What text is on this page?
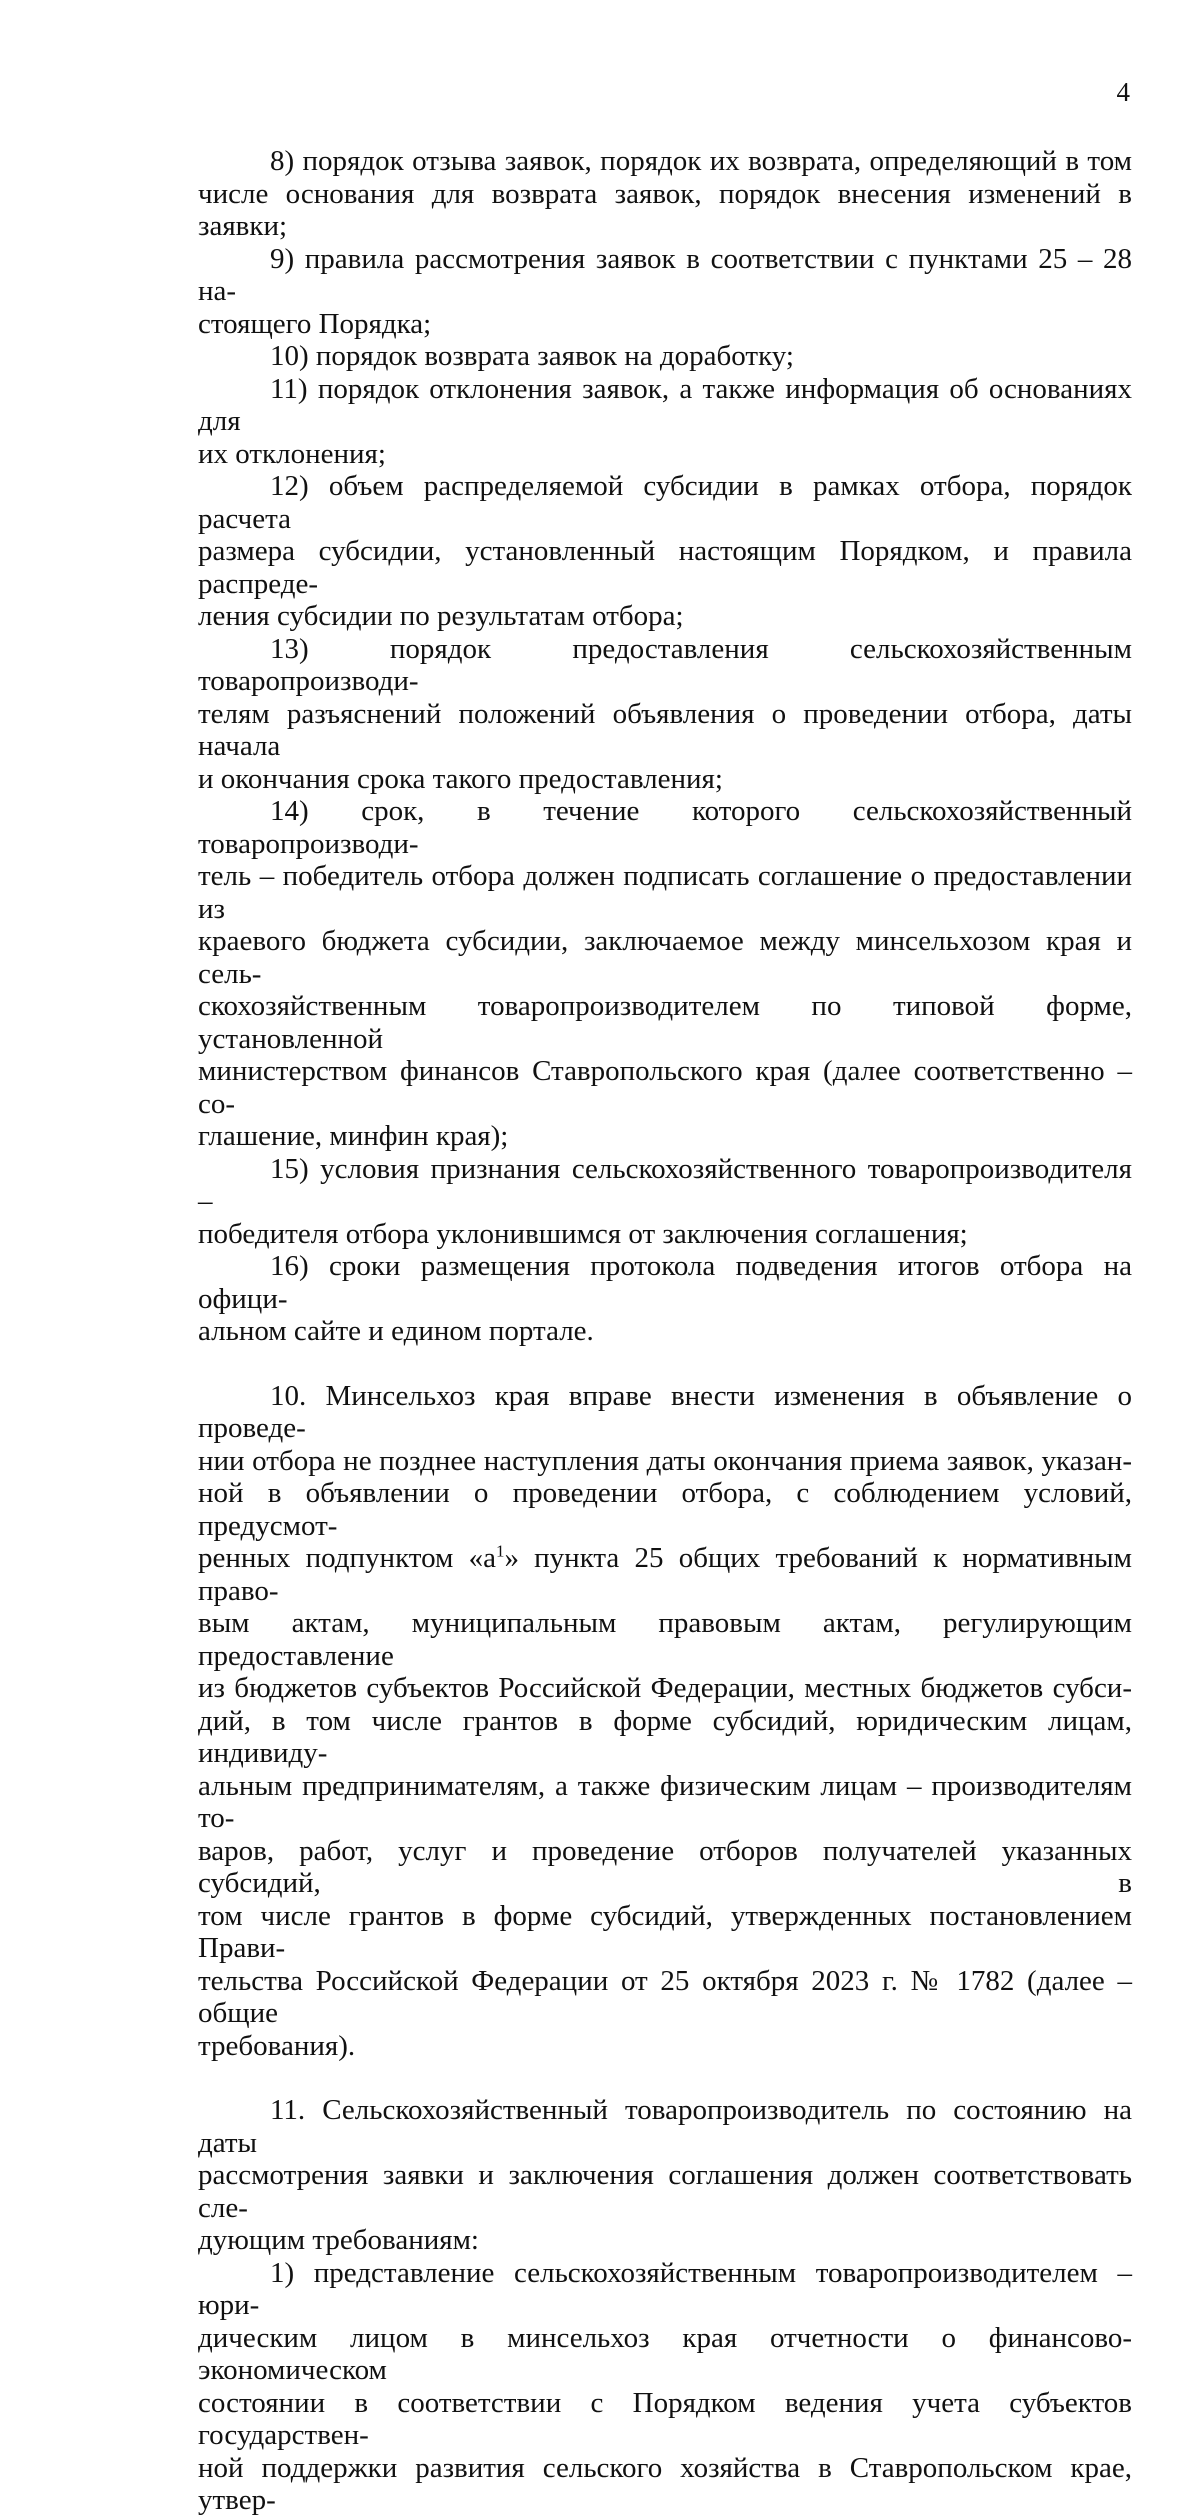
4
8) порядок отзыва заявок, порядок их возврата, определяющий в том
числе основания для возврата заявок, порядок внесения изменений в заявки;
9) правила рассмотрения заявок в соответствии с пунктами 25 – 28 на-
стоящего Порядка;
10) порядок возврата заявок на доработку;
11) порядок отклонения заявок, а также информация об основаниях для
их отклонения;
12) объем распределяемой субсидии в рамках отбора, порядок расчета
размера субсидии, установленный настоящим Порядком, и правила распреде-
ления субсидии по результатам отбора;
13) порядок предоставления сельскохозяйственным товаропроизводи-
телям разъяснений положений объявления о проведении отбора, даты начала
и окончания срока такого предоставления;
14) срок, в течение которого сельскохозяйственный товаропроизводи-
тель – победитель отбора должен подписать соглашение о предоставлении из
краевого бюджета субсидии, заключаемое между минсельхозом края и сель-
скохозяйственным товаропроизводителем по типовой форме, установленной
министерством финансов Ставропольского края (далее соответственно – со-
глашение, минфин края);
15) условия признания сельскохозяйственного товаропроизводителя –
победителя отбора уклонившимся от заключения соглашения;
16) сроки размещения протокола подведения итогов отбора на офици-
альном сайте и едином портале.
10. Минсельхоз края вправе внести изменения в объявление о проведе-
нии отбора не позднее наступления даты окончания приема заявок, указан-
ной в объявлении о проведении отбора, с соблюдением условий, предусмот-
ренных подпунктом «$а^1$» пункта 25 общих требований к нормативным право-
вым актам, муниципальным правовым актам, регулирующим предоставление
из бюджетов субъектов Российской Федерации, местных бюджетов субси-
дий, в том числе грантов в форме субсидий, юридическим лицам, индивиду-
альным предпринимателям, а также физическим лицам – производителям то-
варов, работ, услуг и проведение отборов получателей указанных субсидий, в
том числе грантов в форме субсидий, утвержденных постановлением Прави-
тельства Российской Федерации от 25 октября 2023 г. № 1782 (далее – общие
требования).
11. Сельскохозяйственный товаропроизводитель по состоянию на даты
рассмотрения заявки и заключения соглашения должен соответствовать сле-
дующим требованиям:
1) представление сельскохозяйственным товаропроизводителем – юри-
дическим лицом в минсельхоз края отчетности о финансово-экономическом
состоянии в соответствии с Порядком ведения учета субъектов государствен-
ной поддержки развития сельского хозяйства в Ставропольском крае, утвер-
